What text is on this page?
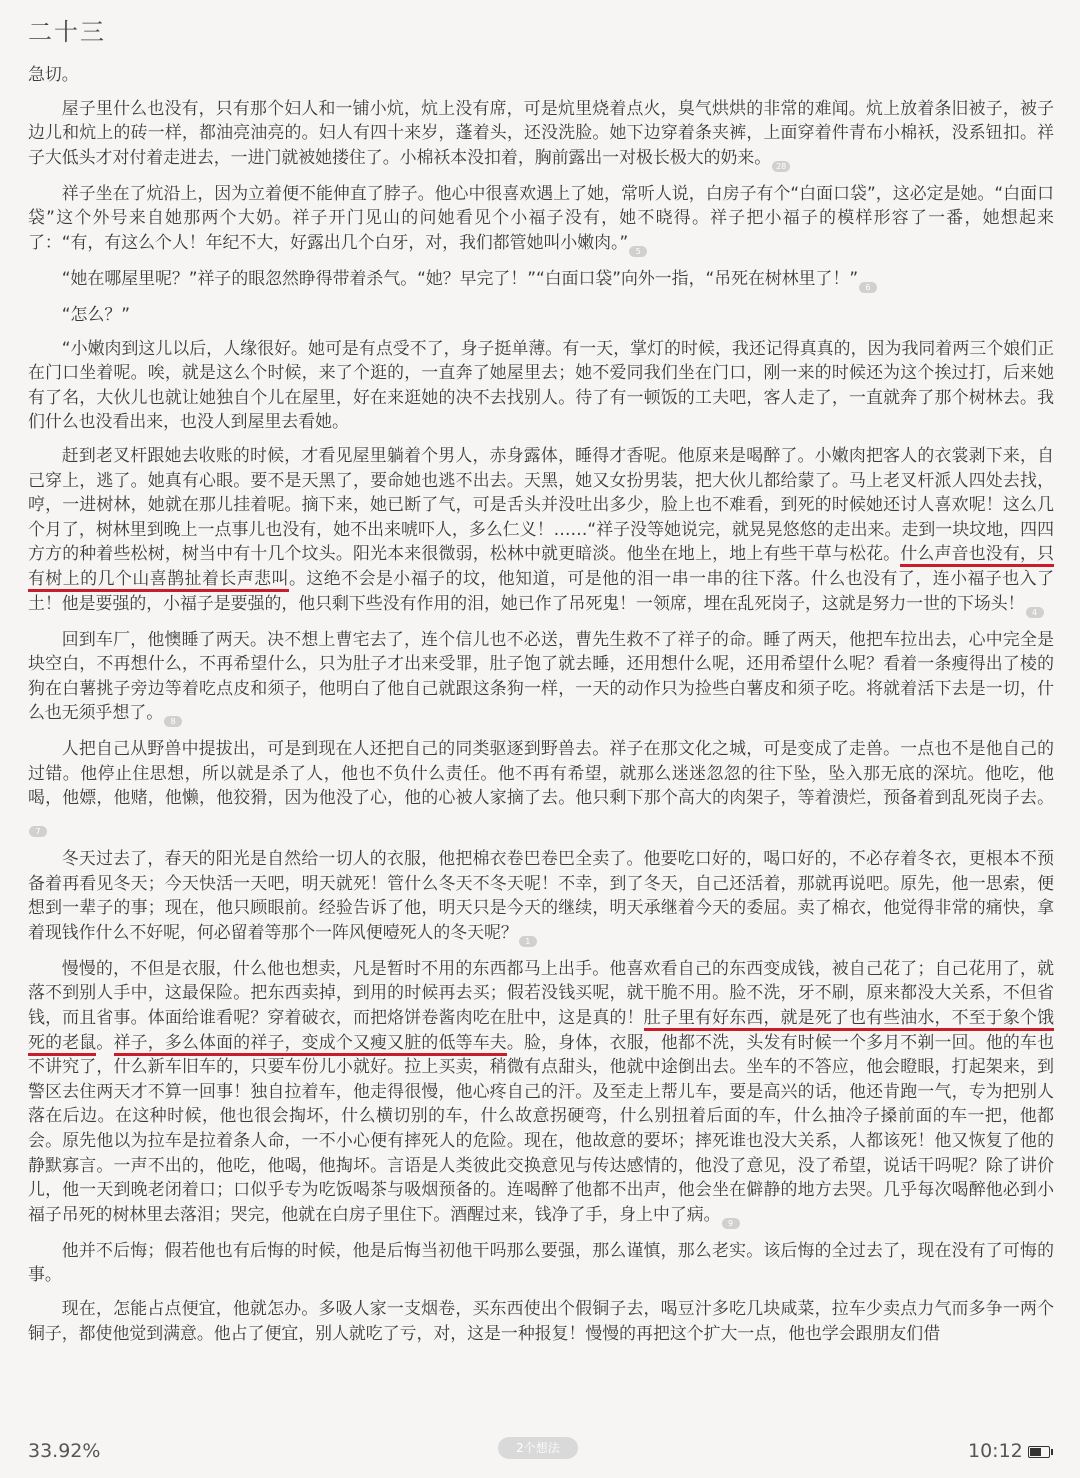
二十三

急切。

屋子里什么也没有，只有那个妇人和一铺小炕，炕上没有席，可是炕里烧着点火，臭气烘烘的非常的难闻。炕上放着条旧被子，被子边儿和炕上的砖一样，都油亮油亮的。妇人有四十来岁，蓬着头，还没洗脸。她下边穿着条夹裤，上面穿着件青布小棉袄，没系钮扣。祥子大低头才对付着走进去，一进门就被她搂住了。小棉袄本没扣着，胸前露出一对极长极大的奶来。 28

祥子坐在了炕沿上，因为立着便不能伸直了脖子。他心中很喜欢遇上了她，常听人说，白房子有个“白面口袋”，这必定是她。“白面口袋”这个外号来自她那两个大奶。祥子开门见山的问她看见个小福子没有，她不晓得。祥子把小福子的模样形容了一番，她想起来了：“有，有这么个人！年纪不大，好露出几个白牙，对，我们都管她叫小嫩肉。” 5

“她在哪屋里呢？”祥子的眼忽然睁得带着杀气。“她？早完了！”“白面口袋”向外一指，“吊死在树林里了！” 6

“怎么？”

“小嫩肉到这儿以后，人缘很好。她可是有点受不了，身子挺单薄。有一天，掌灯的时候，我还记得真真的，因为我同着两三个娘们正在门口坐着呢。唉，就是这么个时候，来了个逛的，一直奔了她屋里去；她不爱同我们坐在门口，刚一来的时候还为这个挨过打，后来她有了名，大伙儿也就让她独自个儿在屋里，好在来逛她的决不去找别人。待了有一顿饭的工夫吧，客人走了，一直就奔了那个树林去。我们什么也没看出来，也没人到屋里去看她。

赶到老叉杆跟她去收账的时候，才看见屋里躺着个男人，赤身露体，睡得才香呢。他原来是喝醉了。小嫩肉把客人的衣裳剥下来，自己穿上，逃了。她真有心眼。要不是天黑了，要命她也逃不出去。天黑，她又女扮男装，把大伙儿都给蒙了。马上老叉杆派人四处去找，哼，一进树林，她就在那儿挂着呢。摘下来，她已断了气，可是舌头并没吐出多少，脸上也不难看，到死的时候她还讨人喜欢呢！这么几个月了，树林里到晚上一点事儿也没有，她不出来唬吓人，多么仁义！……“祥子没等她说完，就晃晃悠悠的走出来。走到一块坟地，四四方方的种着些松树，树当中有十几个坟头。阳光本来很微弱，松林中就更暗淡。他坐在地上，地上有些干草与松花。什么声音也没有，只有树上的几个山喜鹊扯着长声悲叫。这绝不会是小福子的坟，他知道，可是他的泪一串一串的往下落。什么也没有了，连小福子也入了土！他是要强的，小福子是要强的，他只剩下些没有作用的泪，她已作了吊死鬼！一领席，埋在乱死岗子，这就是努力一世的下场头！ 4

回到车厂，他懊睡了两天。决不想上曹宅去了，连个信儿也不必送，曹先生救不了祥子的命。睡了两天，他把车拉出去，心中完全是块空白，不再想什么，不再希望什么，只为肚子才出来受罪，肚子饱了就去睡，还用想什么呢，还用希望什么呢？看着一条瘦得出了棱的狗在白薯挑子旁边等着吃点皮和须子，他明白了他自己就跟这条狗一样，一天的动作只为捡些白薯皮和须子吃。将就着活下去是一切，什么也无须乎想了。 8

人把自己从野兽中提拔出，可是到现在人还把自己的同类驱逐到野兽去。祥子在那文化之城，可是变成了走兽。一点也不是他自己的过错。他停止住思想，所以就是杀了人，他也不负什么责任。他不再有希望，就那么迷迷忽忽的往下坠，坠入那无底的深坑。他吃，他喝，他嫖，他赌，他懒，他狡猾，因为他没了心，他的心被人家摘了去。他只剩下那个高大的肉架子，等着溃烂，预备着到乱死岗子去。7

冬天过去了，春天的阳光是自然给一切人的衣服，他把棉衣卷巴卷巴全卖了。他要吃口好的，喝口好的，不必存着冬衣，更根本不预备着再看见冬天；今天快活一天吧，明天就死！管什么冬天不冬天呢！不幸，到了冬天，自己还活着，那就再说吧。原先，他一思索，便想到一辈子的事；现在，他只顾眼前。经验告诉了他，明天只是今天的继续，明天承继着今天的委屈。卖了棉衣，他觉得非常的痛快，拿着现钱作什么不好呢，何必留着等那个一阵风便噎死人的冬天呢？ 1

慢慢的，不但是衣服，什么他也想卖，凡是暂时不用的东西都马上出手。他喜欢看自己的东西变成钱，被自己花了；自己花用了，就落不到别人手中，这最保险。把东西卖掉，到用的时候再去买；假若没钱买呢，就干脆不用。脸不洗，牙不刷，原来都没大关系，不但省钱，而且省事。体面给谁看呢？穿着破衣，而把烙饼卷酱肉吃在肚中，这是真的！肚子里有好东西，就是死了也有些油水，不至于象个饿死的老鼠。祥子，多么体面的祥子，变成个又瘦又脏的低等车夫。脸，身体，衣服，他都不洗，头发有时候一个多月不剃一回。他的车也不讲究了，什么新车旧车的，只要车份儿小就好。拉上买卖，稍微有点甜头，他就中途倒出去。坐车的不答应，他会瞪眼，打起架来，到警区去住两天才不算一回事！独自拉着车，他走得很慢，他心疼自己的汗。及至走上帮儿车，要是高兴的话，他还肯跑一气，专为把别人落在后边。在这种时候，他也很会掏坏，什么横切别的车，什么故意拐硬弯，什么别扭着后面的车，什么抽冷子搡前面的车一把，他都会。原先他以为拉车是拉着条人命，一不小心便有摔死人的危险。现在，他故意的要坏；摔死谁也没大关系，人都该死！他又恢复了他的静默寡言。一声不出的，他吃，他喝，他掏坏。言语是人类彼此交换意见与传达感情的，他没了意见，没了希望，说话干吗呢？除了讲价儿，他一天到晚老闭着口；口似乎专为吃饭喝茶与吸烟预备的。连喝醉了他都不出声，他会坐在僻静的地方去哭。几乎每次喝醉他必到小福子吊死的树林里去落泪；哭完，他就在白房子里住下。酒醒过来，钱净了手，身上中了病。 9

他并不后悔；假若他也有后悔的时候，他是后悔当初他干吗那么要强，那么谨慎，那么老实。该后悔的全过去了，现在没有了可悔的事。

现在，怎能占点便宜，他就怎办。多吸人家一支烟卷，买东西使出个假铜子去，喝豆汁多吃几块咸菜，拉车少卖点力气而多争一两个铜子，都使他觉到满意。他占了便宜，别人就吃了亏，对，这是一种报复！慢慢的再把这个扩大一点，他也学会跟朋友们借

33.92%	2个想法	10:12
